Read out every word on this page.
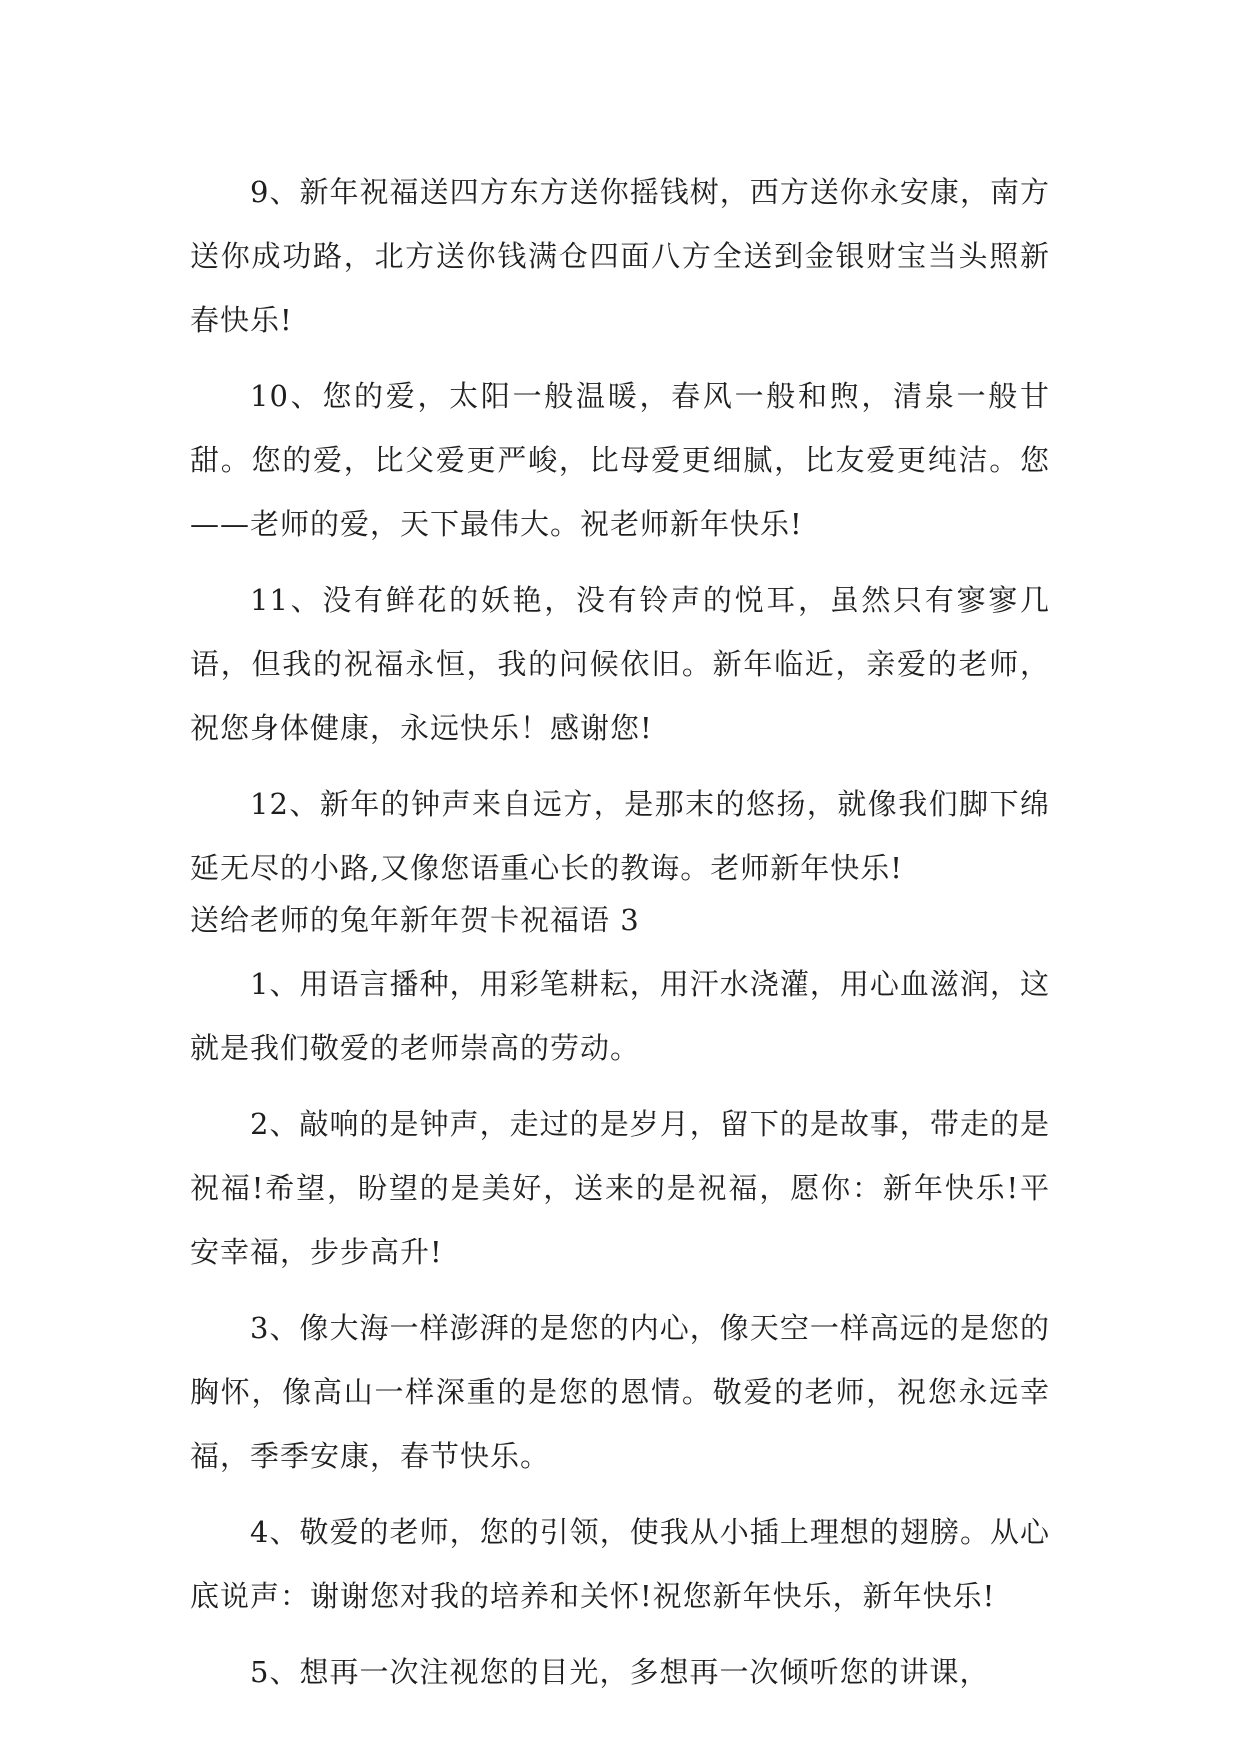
9、新年祝福送四方东方送你摇钱树，西方送你永安康，南方送你成功路，北方送你钱满仓四面八方全送到金银财宝当头照新春快乐!

10、您的爱，太阳一般温暖，春风一般和煦，清泉一般甘甜。您的爱，比父爱更严峻，比母爱更细腻，比友爱更纯洁。您——老师的爱，天下最伟大。祝老师新年快乐!

11、没有鲜花的妖艳，没有铃声的悦耳，虽然只有寥寥几语，但我的祝福永恒，我的问候依旧。新年临近，亲爱的老师，祝您身体健康，永远快乐！感谢您!

12、新年的钟声来自远方，是那末的悠扬，就像我们脚下绵延无尽的小路,又像您语重心长的教诲。老师新年快乐!

送给老师的兔年新年贺卡祝福语 3

1、用语言播种，用彩笔耕耘，用汗水浇灌，用心血滋润，这就是我们敬爱的老师崇高的劳动。

2、敲响的是钟声，走过的是岁月，留下的是故事，带走的是祝福!希望，盼望的是美好，送来的是祝福，愿你：新年快乐!平安幸福，步步高升!

3、像大海一样澎湃的是您的内心，像天空一样高远的是您的胸怀，像高山一样深重的是您的恩情。敬爱的老师，祝您永远幸福，季季安康，春节快乐。

4、敬爱的老师，您的引领，使我从小插上理想的翅膀。从心底说声：谢谢您对我的培养和关怀!祝您新年快乐，新年快乐!

5、想再一次注视您的目光，多想再一次倾听您的讲课，
